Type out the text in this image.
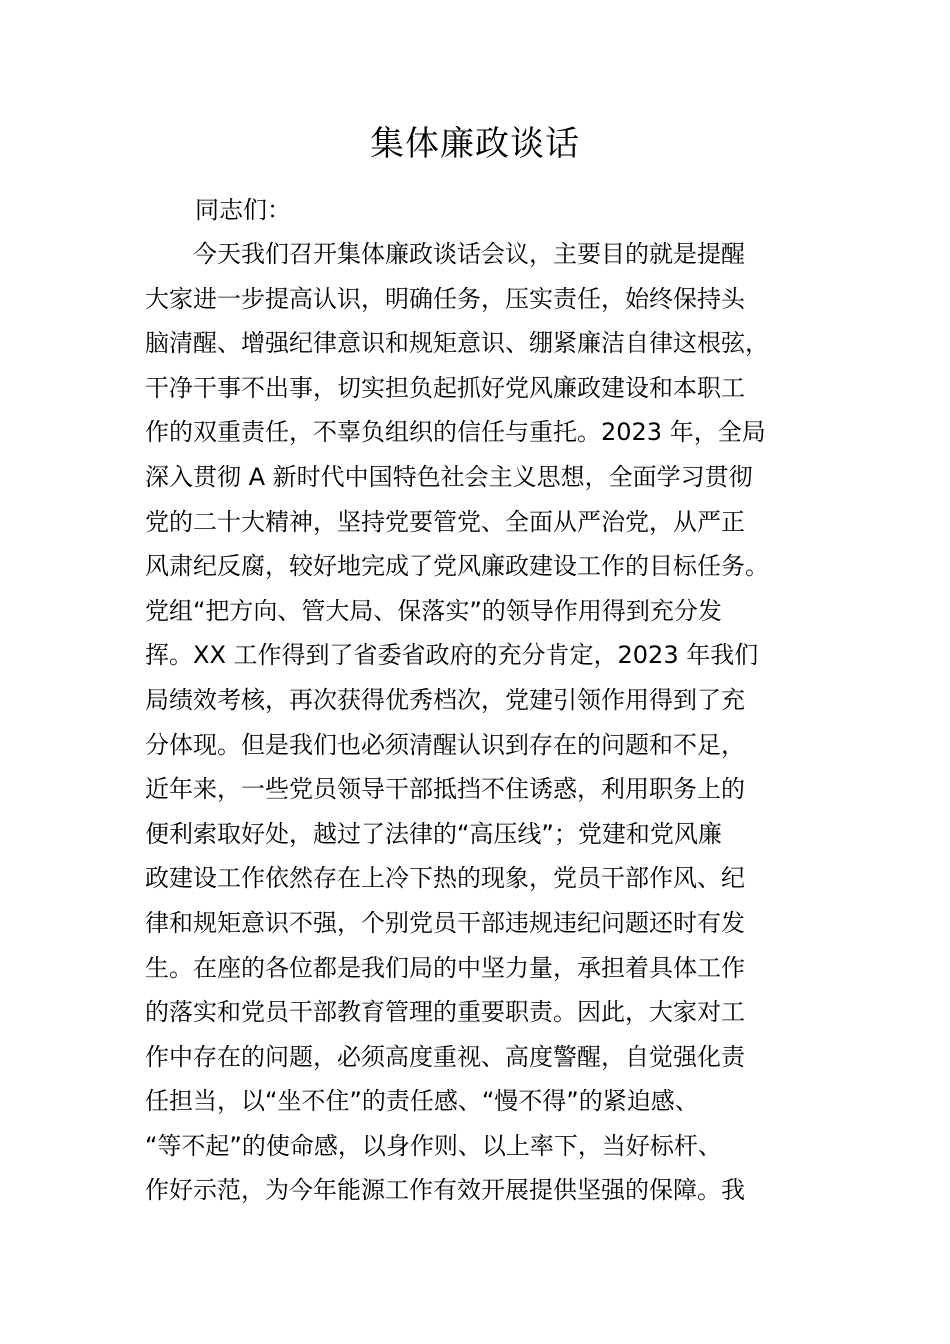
集体廉政谈话
同志们：
　　今天我们召开集体廉政谈话会议，主要目的就是提醒
大家进一步提高认识，明确任务，压实责任，始终保持头
脑清醒、增强纪律意识和规矩意识、绷紧廉洁自律这根弦，
干净干事不出事，切实担负起抓好党风廉政建设和本职工
作的双重责任，不辜负组织的信任与重托。2023 年，全局
深入贯彻 A 新时代中国特色社会主义思想，全面学习贯彻
党的二十大精神，坚持党要管党、全面从严治党，从严正
风肃纪反腐，较好地完成了党风廉政建设工作的目标任务。
党组“把方向、管大局、保落实”的领导作用得到充分发
挥。XX 工作得到了省委省政府的充分肯定，2023 年我们
局绩效考核，再次获得优秀档次，党建引领作用得到了充
分体现。但是我们也必须清醒认识到存在的问题和不足，
近年来，一些党员领导干部抵挡不住诱惑，利用职务上的
便利索取好处，越过了法律的“高压线”；党建和党风廉
政建设工作依然存在上冷下热的现象，党员干部作风、纪
律和规矩意识不强，个别党员干部违规违纪问题还时有发
生。在座的各位都是我们局的中坚力量，承担着具体工作
的落实和党员干部教育管理的重要职责。因此，大家对工
作中存在的问题，必须高度重视、高度警醒，自觉强化责
任担当，以“坐不住”的责任感、“慢不得”的紧迫感、
“等不起”的使命感，以身作则、以上率下，当好标杆、
作好示范，为今年能源工作有效开展提供坚强的保障。我
